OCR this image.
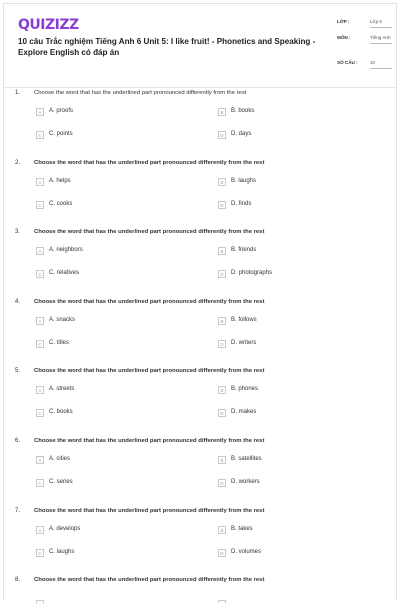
QUIZIZZ
10 câu Trắc nghiệm Tiếng Anh 6 Unit 5: I like fruit! - Phonetics and Speaking - Explore English có đáp án
LỚP :	Lớp 6
MÔN :	Tiếng Anh
SỐ CÂU :	10
1. Choose the word that has the underlined part pronounced differently from the rest
A	A. proofs	B	B. books
C	C. points	D	D. days
2. Choose the word that has the underlined part pronounced differently from the rest
A	A. helps	B	B. laughs
C	C. cooks	D	D. finds
3. Choose the word that has the underlined part pronounced differently from the rest
A	A. neighbors	B	B. friends
C	C. relatives	D	D. photographs
4. Choose the word that has the underlined part pronounced differently from the rest
A	A. snacks	B	B. follows
C	C. titles	D	D. writers
5. Choose the word that has the underlined part pronounced differently from the rest
A	A. streets	B	B. phones
C	C. books	D	D. makes
6. Choose the word that has the underlined part pronounced differently from the rest
A	A. cities	B	B. satellites
C	C. series	D	D. workers
7. Choose the word that has the underlined part pronounced differently from the rest
A	A. develops	B	B. takes
C	C. laughs	D	D. volumes
8. Choose the word that has the underlined part pronounced differently from the rest
